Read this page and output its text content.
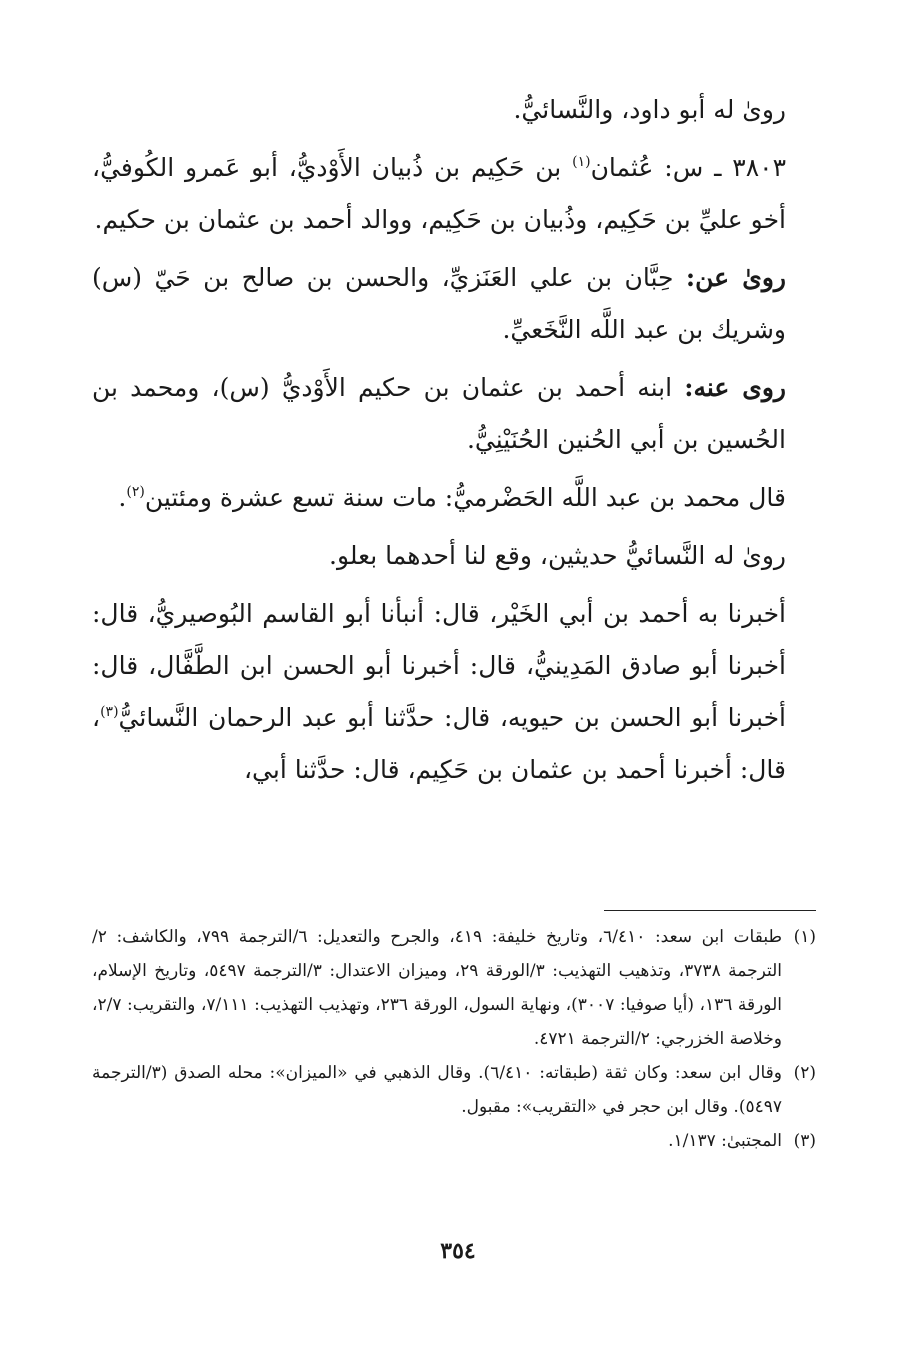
روىٰ له أبو داود، والنَّسائيُّ.

٣٨٠٣ ـ س: عُثمان$^{(١)}$ بن حَكِيم بن ذُبيان الأَوْديُّ، أبو عَمرو الكُوفيُّ، أخو عليِّ بن حَكِيم، وذُبيان بن حَكِيم، ووالد أحمد بن عثمان بن حكيم.

روىٰ عن: حِبَّان بن علي العَنَزيِّ، والحسن بن صالح بن حَيّ (س) وشريك بن عبد اللَّه النَّخَعيِّ.

روى عنه: ابنه أحمد بن عثمان بن حكيم الأَوْديُّ (س)، ومحمد بن الحُسين بن أبي الحُنين الحُنَيْنِيُّ.

قال محمد بن عبد اللَّه الحَضْرميُّ: مات سنة تسع عشرة ومئتين$^{(٢)}$.

روىٰ له النَّسائيُّ حديثين، وقع لنا أحدهما بعلو.

أخبرنا به أحمد بن أبي الخَيْر، قال: أنبأنا أبو القاسم البُوصيريُّ، قال: أخبرنا أبو صادق المَدِينيُّ، قال: أخبرنا أبو الحسن ابن الطَّفَّال، قال: أخبرنا أبو الحسن بن حيويه، قال: حدَّثنا أبو عبد الرحمان النَّسائيُّ$^{(٣)}$، قال: أخبرنا أحمد بن عثمان بن حَكِيم، قال: حدَّثنا أبي،

(١)
طبقات ابن سعد: ٦/٤١٠، وتاريخ خليفة: ٤١٩، والجرح والتعديل: ٦/الترجمة ٧٩٩، والكاشف: ٢/الترجمة ٣٧٣٨، وتذهيب التهذيب: ٣/الورقة ٢٩، وميزان الاعتدال: ٣/الترجمة ٥٤٩٧، وتاريخ الإسلام، الورقة ١٣٦، (أيا صوفيا: ٣٠٠٧)، ونهاية السول، الورقة ٢٣٦، وتهذيب التهذيب: ٧/١١١، والتقريب: ٢/٧، وخلاصة الخزرجي: ٢/الترجمة ٤٧٢١.

(٢)
وقال ابن سعد: وكان ثقة (طبقاته: ٦/٤١٠). وقال الذهبي في «الميزان»: محله الصدق (٣/الترجمة ٥٤٩٧). وقال ابن حجر في «التقريب»: مقبول.

(٣)
المجتبىٰ: ١/١٣٧.

٣٥٤
